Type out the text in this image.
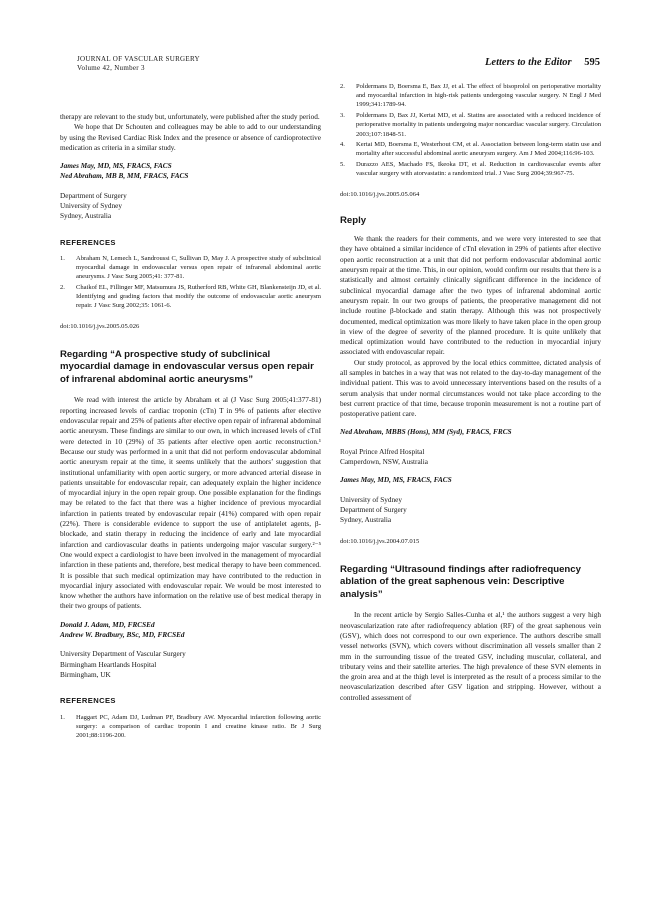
JOURNAL OF VASCULAR SURGERY
Volume 42, Number 3	Letters to the Editor 595

therapy are relevant to the study but, unfortunately, were published after the study period.

We hope that Dr Schouten and colleagues may be able to add to our understanding by using the Revised Cardiac Risk Index and the presence or absence of cardioprotective medication as criteria in a similar study.

James May, MD, MS, FRACS, FACS
Ned Abraham, MB B, MM, FRACS, FACS
Department of Surgery
University of Sydney
Sydney, Australia
REFERENCES
1. Abraham N, Lemech L, Sandroussi C, Sullivan D, May J. A prospective study of subclinical myocardial damage in endovascular versus open repair of infrarenal abdominal aortic aneurysms. J Vasc Surg 2005;41: 377-81.
2. Chaikof EL, Fillinger MF, Matsumura JS, Rutherford RB, White GH, Blankensteijn JD, et al. Identifying and grading factors that modify the outcome of endovascular aortic aneurysm repair. J Vasc Surg 2002;35: 1061-6.
doi:10.1016/j.jvs.2005.05.026
Regarding “A prospective study of subclinical myocardial damage in endovascular versus open repair of infrarenal abdominal aortic aneurysms”

We read with interest the article by Abraham et al (J Vasc Surg 2005;41:377-81) reporting increased levels of cardiac troponin (cTn) T in 9% of patients after elective endovascular repair and 25% of patients after elective open repair of infrarenal abdominal aortic aneurysm. These findings are similar to our own, in which increased levels of cTnI were detected in 10 (29%) of 35 patients after elective open aortic reconstruction.¹ Because our study was performed in a unit that did not perform endovascular abdominal aortic aneurysm repair at the time, it seems unlikely that the authors’ suggestion that institutional unfamiliarity with open aortic surgery, or more advanced arterial disease in patients unsuitable for endovascular repair, can adequately explain the higher incidence of myocardial injury in the open repair group. One possible explanation for the findings may be related to the fact that there was a higher incidence of previous myocardial infarction in patients treated by endovascular repair (41%) compared with open repair (22%). There is considerable evidence to support the use of antiplatelet agents, β-blockade, and statin therapy in reducing the incidence of early and late myocardial infarction and cardiovascular deaths in patients undergoing major vascular surgery.²⁻⁵ One would expect a cardiologist to have been involved in the management of myocardial infarction in these patients and, therefore, best medical therapy to have been commenced. It is possible that such medical optimization may have contributed to the reduction in myocardial injury associated with endovascular repair. We would be most interested to know whether the authors have information on the relative use of best medical therapy in their two groups of patients.

Donald J. Adam, MD, FRCSEd
Andrew W. Bradbury, BSc, MD, FRCSEd
University Department of Vascular Surgery
Birmingham Heartlands Hospital
Birmingham, UK
REFERENCES
1. Haggart PC, Adam DJ, Ludman PF, Bradbury AW. Myocardial infarction following aortic surgery: a comparison of cardiac troponin I and creatine kinase ratio. Br J Surg 2001;88:1196-200.
2. Poldermans D, Boersma E, Bax JJ, et al. The effect of bisoprolol on perioperative mortality and myocardial infarction in high-risk patients undergoing vascular surgery. N Engl J Med 1999;341:1789-94.
3. Poldermans D, Bax JJ, Kertai MD, et al. Statins are associated with a reduced incidence of perioperative mortality in patients undergoing major noncardiac vascular surgery. Circulation 2003;107:1848-51.
4. Kertai MD, Boersma E, Westerhout CM, et al. Association between long-term statin use and mortality after successful abdominal aortic aneurysm surgery. Am J Med 2004;116:96-103.
5. Durazzo AES, Machado FS, Ikeoka DT, et al. Reduction in cardiovascular events after vascular surgery with atorvastatin: a randomized trial. J Vasc Surg 2004;39:967-75.
doi:10.1016/j.jvs.2005.05.064
Reply

We thank the readers for their comments, and we were very interested to see that they have obtained a similar incidence of cTnI elevation in 29% of patients after elective open aortic reconstruction at a unit that did not perform endovascular abdominal aortic aneurysm repair at the time. This, in our opinion, would confirm our results that there is a statistically and almost certainly clinically significant difference in the incidence of subclinical myocardial damage after the two types of infrarenal abdominal aortic aneurysm repair. In our two groups of patients, the preoperative management did not include routine β-blockade and statin therapy. Although this was not prospectively documented, medical optimization was more likely to have taken place in the open group in view of the degree of severity of the planned procedure. It is quite unlikely that medical optimization would have contributed to the reduction in myocardial injury associated with endovascular repair.

Our study protocol, as approved by the local ethics committee, dictated analysis of all samples in batches in a way that was not related to the day-to-day management of the individual patient. This was to avoid unnecessary interventions based on the results of a serum analysis that under normal circumstances would not take place according to the best current practice of that time, because troponin measurement is not a routine part of postoperative patient care.

Ned Abraham, MBBS (Hons), MM (Syd), FRACS, FRCS
Royal Prince Alfred Hospital
Camperdown, NSW, Australia
James May, MD, MS, FRACS, FACS
University of Sydney
Department of Surgery
Sydney, Australia
doi:10.1016/j.jvs.2004.07.015
Regarding “Ultrasound findings after radiofrequency ablation of the great saphenous vein: Descriptive analysis”

In the recent article by Sergio Salles-Cunha et al,¹ the authors suggest a very high neovascularization rate after radiofrequency ablation (RF) of the great saphenous vein (GSV), which does not correspond to our own experience. The authors describe small vessel networks (SVN), which covers without discrimination all vessels smaller than 2 mm in the surrounding tissue of the treated GSV, including muscular, collateral, and tributary veins and their satellite arteries. The high prevalence of these SVN elements in the groin area and at the thigh level is interpreted as the result of a process similar to the neovascularization described after GSV ligation and stripping. However, without a controlled assessment of
